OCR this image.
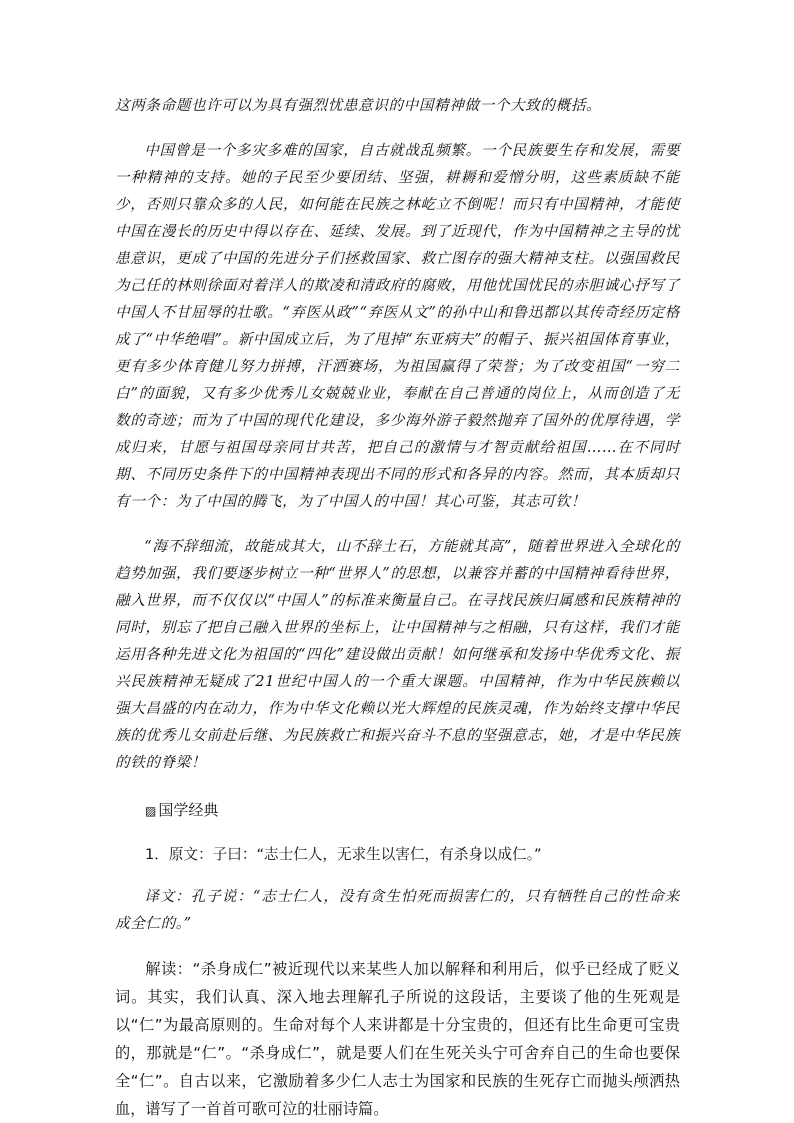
这两条命题也许可以为具有强烈忧患意识的中国精神做一个大致的概括。

中国曾是一个多灾多难的国家，自古就战乱频繁。一个民族要生存和发展，需要一种精神的支持。她的子民至少要团结、坚强，耕耨和爱憎分明，这些素质缺不能少，否则只靠众多的人民，如何能在民族之林屹立不倒呢！而只有中国精神，才能使中国在漫长的历史中得以存在、延续、发展。到了近现代，作为中国精神之主导的忧患意识，更成了中国的先进分子们拯救国家、救亡图存的强大精神支柱。以强国救民为己任的林则徐面对着洋人的欺凌和清政府的腐败，用他忧国忧民的赤胆诚心抒写了中国人不甘屈辱的壮歌。“弃医从政”“弃医从文”的孙中山和鲁迅都以其传奇经历定格成了“中华绝唱”。新中国成立后，为了甩掉“东亚病夫”的帽子、振兴祖国体育事业，更有多少体育健儿努力拼搏，汗洒赛场，为祖国赢得了荣誉；为了改变祖国“一穷二白”的面貌，又有多少优秀儿女兢兢业业，奉献在自己普通的岗位上，从而创造了无数的奇迹；而为了中国的现代化建设，多少海外游子毅然抛弃了国外的优厚待遇，学成归来，甘愿与祖国母亲同甘共苦，把自己的激情与才智贡献给祖国……在不同时期、不同历史条件下的中国精神表现出不同的形式和各异的内容。然而，其本质却只有一个：为了中国的腾飞，为了中国人的中国！其心可鉴，其志可钦！

“海不辞细流，故能成其大，山不辞土石，方能就其高”，随着世界进入全球化的趋势加强，我们要逐步树立一种“世界人”的思想，以兼容并蓄的中国精神看待世界，融入世界，而不仅仅以“中国人”的标准来衡量自己。在寻找民族归属感和民族精神的同时，别忘了把自己融入世界的坐标上，让中国精神与之相融，只有这样，我们才能运用各种先进文化为祖国的“四化”建设做出贡献！如何继承和发扬中华优秀文化、振兴民族精神无疑成了21世纪中国人的一个重大课题。中国精神，作为中华民族赖以强大昌盛的内在动力，作为中华文化赖以光大辉煌的民族灵魂，作为始终支撑中华民族的优秀儿女前赴后继、为民族救亡和振兴奋斗不息的坚强意志，她，才是中华民族的铁的脊梁！

▨ 国学经典
1．原文：子曰：“志士仁人，无求生以害仁，有杀身以成仁。”

译文：孔子说：“志士仁人，没有贪生怕死而损害仁的，只有牺牲自己的性命来成全仁的。”

解读：“杀身成仁”被近现代以来某些人加以解释和利用后，似乎已经成了贬义词。其实，我们认真、深入地去理解孔子所说的这段话，主要谈了他的生死观是以“仁”为最高原则的。生命对每个人来讲都是十分宝贵的，但还有比生命更可宝贵的，那就是“仁”。“杀身成仁”，就是要人们在生死关头宁可舍弃自己的生命也要保全“仁”。自古以来，它激励着多少仁人志士为国家和民族的生死存亡而抛头颅洒热血，谱写了一首首可歌可泣的壮丽诗篇。
